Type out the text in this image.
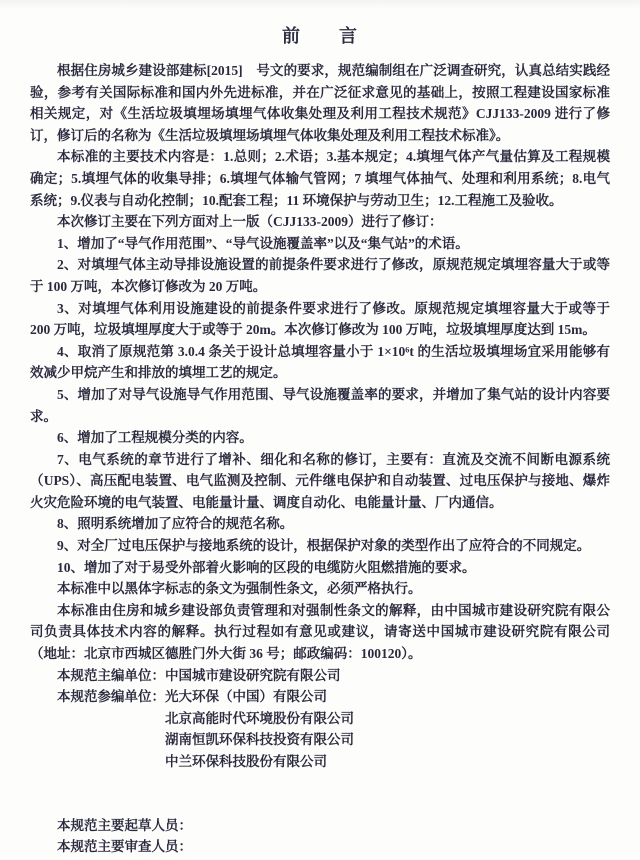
前　　言

根据住房城乡建设部建标[2015]　号文的要求，规范编制组在广泛调查研究，认真总结实践经验，参考有关国际标准和国内外先进标准，并在广泛征求意见的基础上，按照工程建设国家标准相关规定，对《生活垃圾填埋场填埋气体收集处理及利用工程技术规范》CJJ133-2009 进行了修订，修订后的名称为《生活垃圾填埋场填埋气体收集处理及利用工程技术标准》。

本标准的主要技术内容是：1.总则；2.术语；3.基本规定；4.填埋气体产气量估算及工程规模确定；5.填埋气体的收集导排；6.填埋气体输气管网；7 填埋气体抽气、处理和利用系统；8.电气系统；9.仪表与自动化控制；10.配套工程；11 环境保护与劳动卫生；12.工程施工及验收。

本次修订主要在下列方面对上一版（CJJ133-2009）进行了修订：

1、增加了“导气作用范围”、“导气设施覆盖率”以及“集气站”的术语。

2、对填埋气体主动导排设施设置的前提条件要求进行了修改，原规范规定填埋容量大于或等于 100 万吨，本次修订修改为 20 万吨。

3、对填埋气体利用设施建设的前提条件要求进行了修改。原规范规定填埋容量大于或等于 200 万吨，垃圾填埋厚度大于或等于 20m。本次修订修改为 100 万吨，垃圾填埋厚度达到 15m。

4、取消了原规范第 3.0.4 条关于设计总填埋容量小于 1×10⁶t 的生活垃圾填埋场宜采用能够有效减少甲烷产生和排放的填埋工艺的规定。

5、增加了对导气设施导气作用范围、导气设施覆盖率的要求，并增加了集气站的设计内容要求。

6、增加了工程规模分类的内容。

7、电气系统的章节进行了增补、细化和名称的修订，主要有：直流及交流不间断电源系统（UPS）、高压配电装置、电气监测及控制、元件继电保护和自动装置、过电压保护与接地、爆炸火灾危险环境的电气装置、电能量计量、调度自动化、电能量计量、厂内通信。

8、照明系统增加了应符合的规范名称。

9、对全厂过电压保护与接地系统的设计，根据保护对象的类型作出了应符合的不同规定。

10、增加了对于易受外部着火影响的区段的电缆防火阻燃措施的要求。

本标准中以黑体字标志的条文为强制性条文，必须严格执行。

本标准由住房和城乡建设部负责管理和对强制性条文的解释，由中国城市建设研究院有限公司负责具体技术内容的解释。执行过程如有意见或建议，请寄送中国城市建设研究院有限公司（地址：北京市西城区德胜门外大街 36 号；邮政编码：100120）。

本规范主编单位：中国城市建设研究院有限公司
本规范参编单位：光大环保（中国）有限公司
北京高能时代环境股份有限公司
湖南恒凯环保科技投资有限公司
中兰环保科技股份有限公司
本规范主要起草人员：
本规范主要审查人员：
